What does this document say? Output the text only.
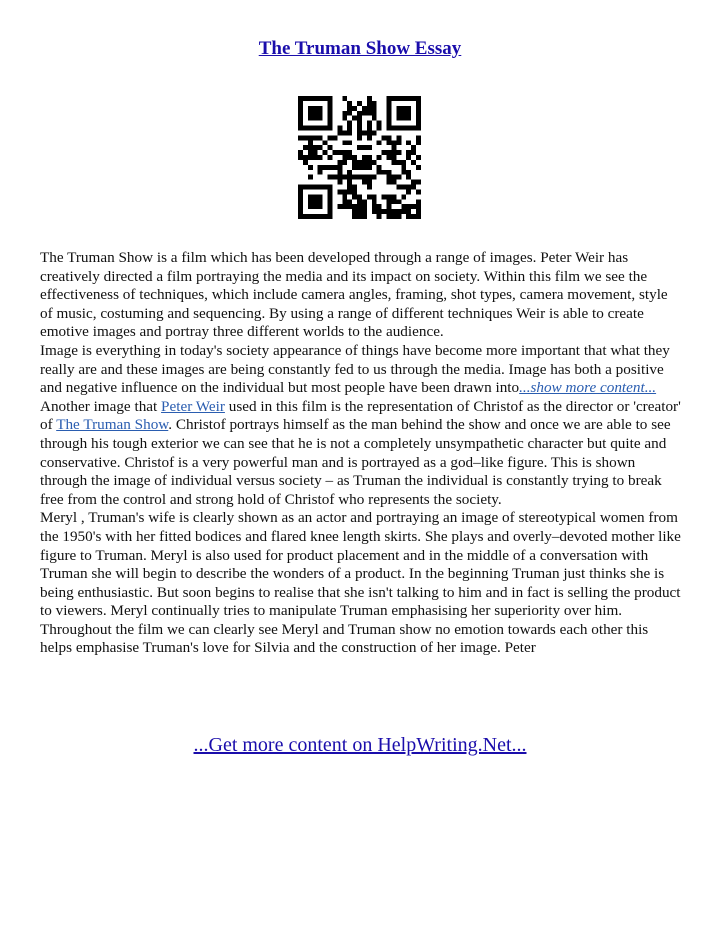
The Truman Show Essay

The Truman Show is a film which has been developed through a range of images. Peter Weir has creatively directed a film portraying the media and its impact on society. Within this film we see the effectiveness of techniques, which include camera angles, framing, shot types, camera movement, style of music, costuming and sequencing. By using a range of different techniques Weir is able to create emotive images and portray three different worlds to the audience.

Image is everything in today's society appearance of things have become more important that what they really are and these images are being constantly fed to us through the media. Image has both a positive and negative influence on the individual but most people have been drawn into...show more content...

Another image that Peter Weir used in this film is the representation of Christof as the director or 'creator' of The Truman Show. Christof portrays himself as the man behind the show and once we are able to see through his tough exterior we can see that he is not a completely unsympathetic character but quite and conservative. Christof is a very powerful man and is portrayed as a god–like figure. This is shown through the image of individual versus society – as Truman the individual is constantly trying to break free from the control and strong hold of Christof who represents the society.

Meryl , Truman's wife is clearly shown as an actor and portraying an image of stereotypical women from the 1950's with her fitted bodices and flared knee length skirts. She plays and overly–devoted mother like figure to Truman. Meryl is also used for product placement and in the middle of a conversation with Truman she will begin to describe the wonders of a product. In the beginning Truman just thinks she is being enthusiastic. But soon begins to realise that she isn't talking to him and in fact is selling the product to viewers. Meryl continually tries to manipulate Truman emphasising her superiority over him. Throughout the film we can clearly see Meryl and Truman show no emotion towards each other this helps emphasise Truman's love for Silvia and the construction of her image. Peter

...Get more content on HelpWriting.Net...
